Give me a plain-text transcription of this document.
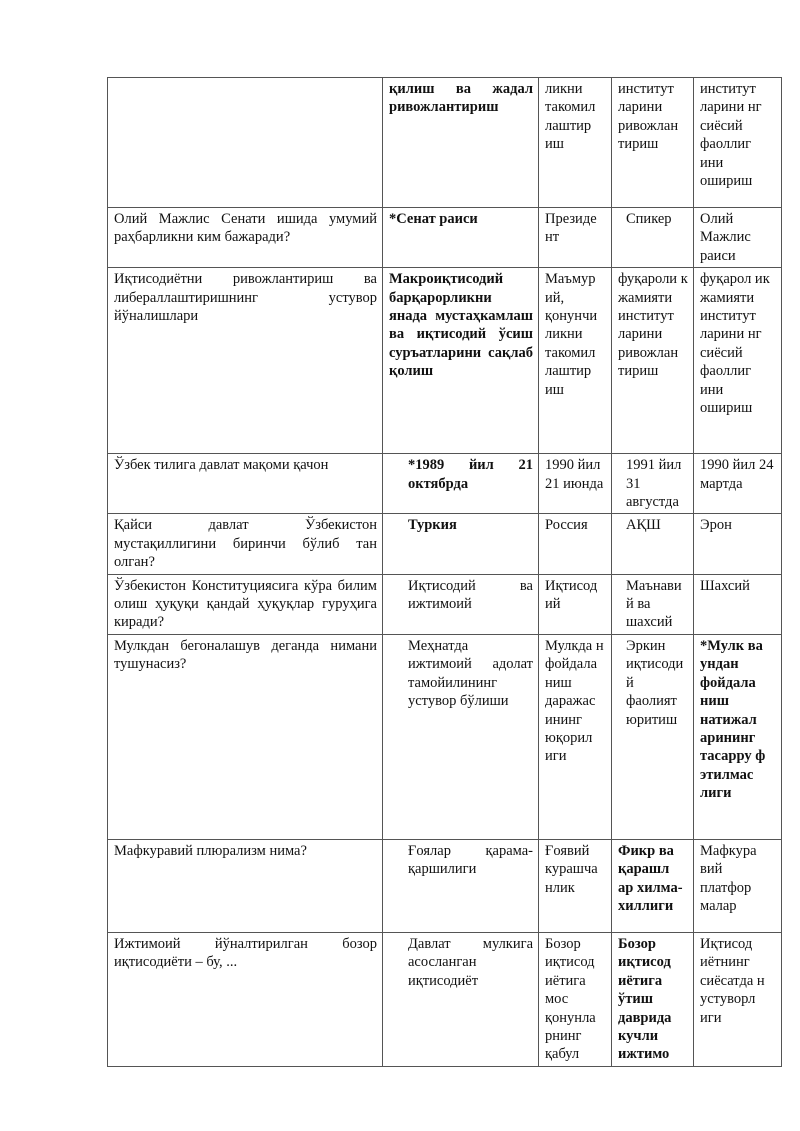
	қилиш ва жадал ривожлантириш	ликни такомил лаштир иш	институт ларини ривожлан тириш	институт ларини нг сиёсий фаоллиг ини ошириш
Олий Мажлис Сенати ишида умумий раҳбарликни ким бажаради?	*Сенат раиси	Президе нт	Спикер	Олий Мажлис раиси
Иқтисодиётни ривожлантириш ва либераллаштиришнинг устувор йўналишлари	Макроиқтисодий барқарорликни янада мустаҳкамлаш ва иқтисодий ўсиш суръатларини сақлаб қолиш	Маъмур ий, қонунчи ликни такомил лаштир иш	фуқароли к жамияти институт ларини ривожлан тириш	фуқарол ик жамияти институт ларини нг сиёсий фаоллиг ини ошириш
Ўзбек тилига давлат мақоми қачон	*1989 йил 21 октябрда	1990 йил 21 июнда	1991 йил 31 августда	1990 йил 24 мартда
Қайси давлат Ўзбекистон мустақиллигини биринчи бўлиб тан олган?	Туркия	Россия	АҚШ	Эрон
Ўзбекистон Конституциясига кўра билим олиш ҳуқуқи қандай ҳуқуқлар гуруҳига киради?	Иқтисодий ва ижтимоий	Иқтисод ий	Маънави й ва шахсий	Шахсий
Мулкдан бегоналашув деганда нимани тушунасиз?	Меҳнатда ижтимоий адолат тамойилининг устувор бўлиши	Мулкда н фойдала ниш даражас ининг юқорил иги	Эркин иқтисоди й фаолият юритиш	*Мулк ва ундан фойдала ниш натижал арининг тасарру ф этилмас лиги
Мафкуравий плюрализм нима?	Ғоялар қарама-қаршилиги	Ғоявий курашча нлик	Фикр ва қарашл ар хилма-хиллиги	Мафкура вий платфор малар
Ижтимоий йўналтирилган бозор иқтисодиёти – бу, ...	Давлат мулкига асосланган иқтисодиёт	Бозор иқтисод иётига мос қонунла рнинг қабул	Бозор иқтисод иётига ўтиш даврида кучли ижтимо	Иқтисод иётнинг сиёсатда н устуворл иги
